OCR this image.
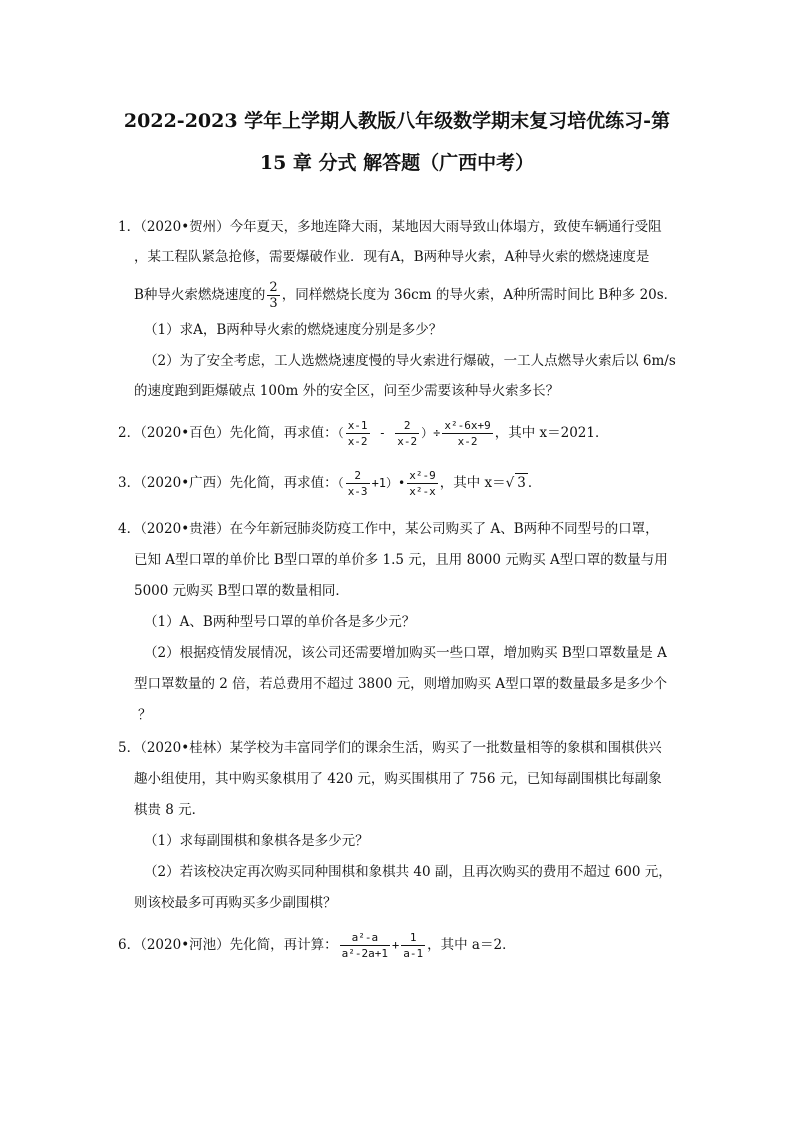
2022-2023 学年上学期人教版八年级数学期末复习培优练习-第
15 章 分式 解答题（广西中考）
1．（2020•贺州）今年夏天，多地连降大雨，某地因大雨导致山体塌方，致使车辆通行受阻
，某工程队紧急抢修，需要爆破作业．现有A，B两种导火索，A种导火索的燃烧速度是
B种导火索燃烧速度的 $\frac{2}{3}$ ，同样燃烧长度为 36cm 的导火索，A种所需时间比 B种多 20s．
（1）求A，B两种导火索的燃烧速度分别是多少？
（2）为了安全考虑，工人选燃烧速度慢的导火索进行爆破，一工人点燃导火索后以 6m/s
的速度跑到距爆破点 100m 外的安全区，问至少需要该种导火索多长？
2．（2020•百色）先化简，再求值：（ $\frac{x-1}{x-2} - \frac{2}{x-2}$ ）÷ $\frac{\text{x²-6x+9}}{x-2}$ ，其中 x＝2021．
3．（2020•广西）先化简，再求值：（ $\frac{2}{x-3}$ +1）• $\frac{\text{x²-9}}{\text{x²-x}}$ ，其中 x＝√ 3 ．
4．（2020•贵港）在今年新冠肺炎防疫工作中，某公司购买了 A、B两种不同型号的口罩，
已知 A型口罩的单价比 B型口罩的单价多 1.5 元，且用 8000 元购买 A型口罩的数量与用
5000 元购买 B型口罩的数量相同．
（1）A、B两种型号口罩的单价各是多少元？
（2）根据疫情发展情况，该公司还需要增加购买一些口罩，增加购买 B型口罩数量是 A
型口罩数量的 2 倍，若总费用不超过 3800 元，则增加购买 A型口罩的数量最多是多少个
？
5．（2020•桂林）某学校为丰富同学们的课余生活，购买了一批数量相等的象棋和围棋供兴
趣小组使用，其中购买象棋用了 420 元，购买围棋用了 756 元，已知每副围棋比每副象
棋贵 8 元．
（1）求每副围棋和象棋各是多少元？
（2）若该校决定再次购买同种围棋和象棋共 40 副，且再次购买的费用不超过 600 元，
则该校最多可再购买多少副围棋？
6．（2020•河池）先化简，再计算： $\frac{\text{a²-a}}{\text{a²-2a+1}} + \frac{1}{a-1}$ ，其中 a＝2．
